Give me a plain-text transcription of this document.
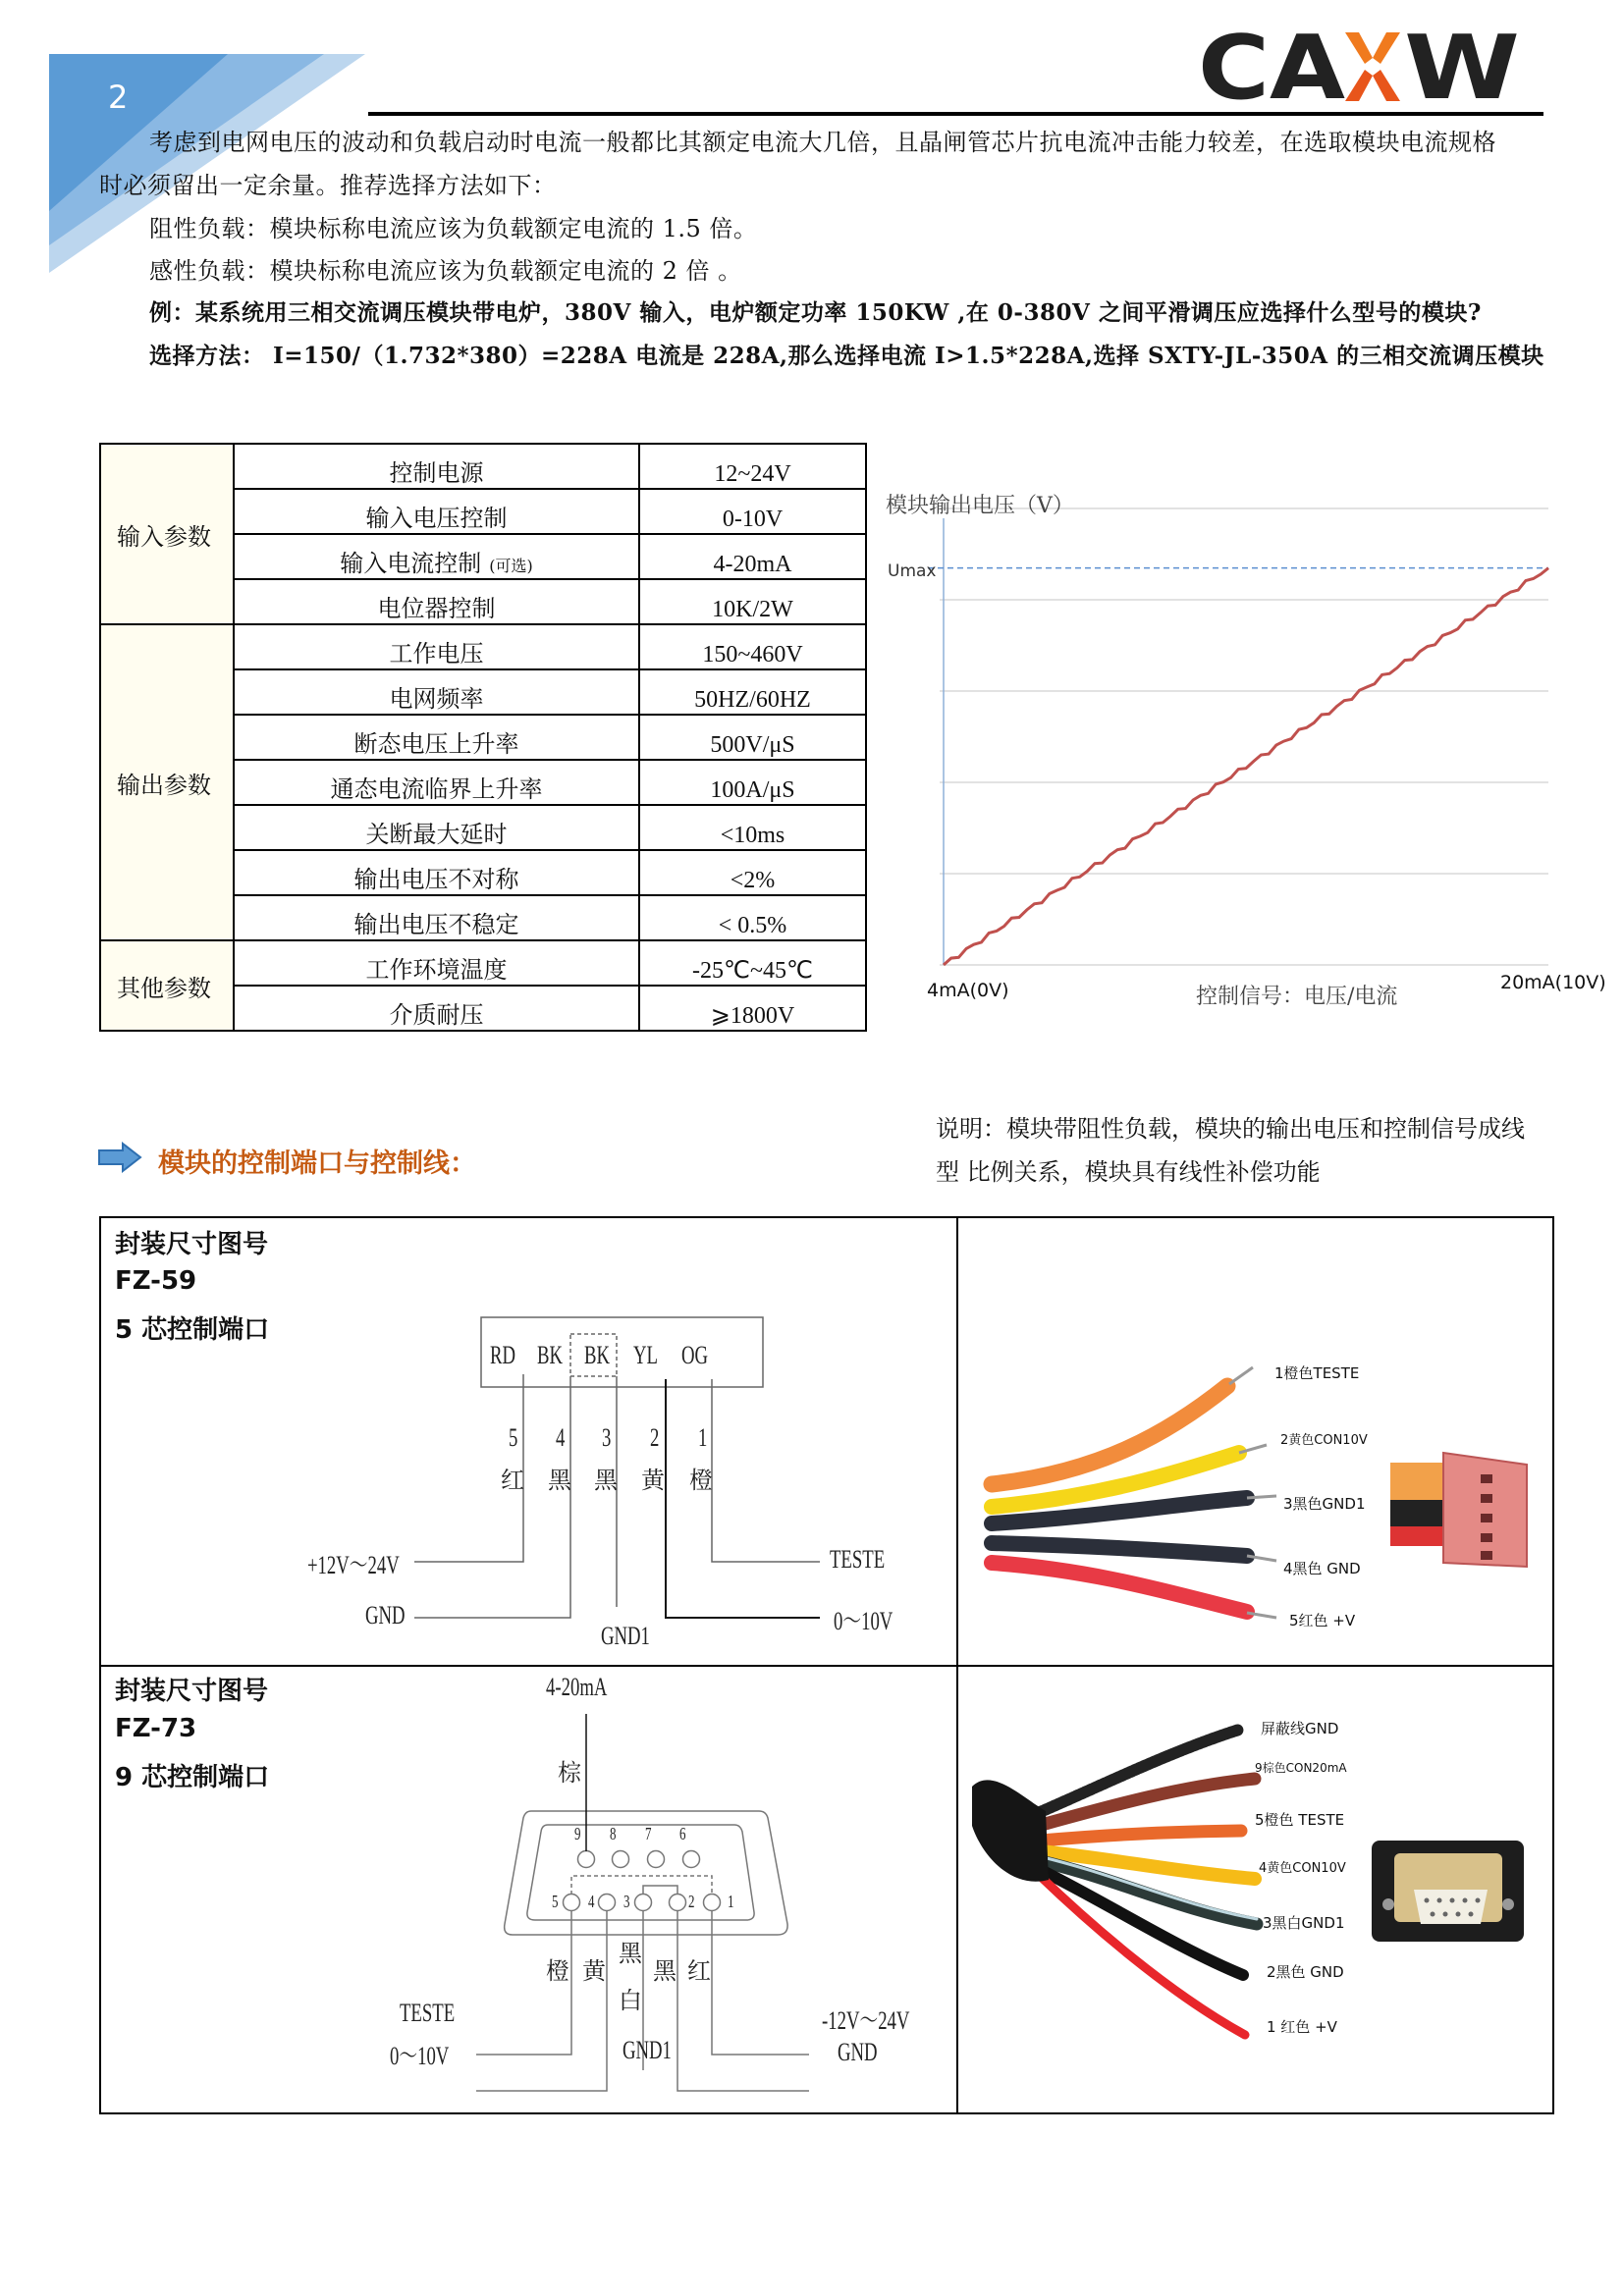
2	CA W
考虑到电网电压的波动和负载启动时电流一般都比其额定电流大几倍，且晶闸管芯片抗电流冲击能力较差，在选取模块电流规格
时必须留出一定余量。推荐选择方法如下：
阻性负载：模块标称电流应该为负载额定电流的 1.5 倍。
感性负载：模块标称电流应该为负载额定电流的 2 倍 。
例：某系统用三相交流调压模块带电炉，380V 输入，电炉额定功率 150KW ,在 0-380V 之间平滑调压应选择什么型号的模块?
选择方法： I=150/（1.732*380）=228A 电流是 228A,那么选择电流 I>1.5*228A,选择 SXTY-JL-350A 的三相交流调压模块
输入参数	控制电源	12~24V
	输入电压控制	0-10V
	输入电流控制 (可选)	4-20mA
	电位器控制	10K/2W
输出参数	工作电压	150~460V
	电网频率	50HZ/60HZ
	断态电压上升率	500V/μS
	通态电流临界上升率	100A/μS
	关断最大延时	<10ms
	输出电压不对称	<2%
	输出电压不稳定	< 0.5%
其他参数	工作环境温度	-25℃~45℃
	介质耐压	⩾1800V
模块输出电压（V）
Umax
4mA(0V)	控制信号：电压/电流
20mA(10V)
说明：模块带阻性负载，模块的输出电压和控制信号成线
型 比例关系，模块具有线性补偿功能
模块的控制端口与控制线：
封装尺寸图号
FZ-59
5 芯控制端口
封装尺寸图号
FZ-73
9 芯控制端口
RD BK BK YL OG
5 4 3 2 1
红 黑 黑 黄 橙
+12V～24V
GND
GND1
TESTE
0～10V
1橙色TESTE
2黄色CON10V
3黑色GND1
4黑色 GND
5红色 +V
4-20mA
棕
9 8 7 6
5 4 3	2 1
橙 黄
黑
白
黑 红
TESTE
0～10V	GND1
-12V～24V
GND
屏蔽线GND
9棕色CON20mA
5橙色 TESTE
4黄色CON10V
3黑白GND1
2黑色 GND
1 红色 +V
